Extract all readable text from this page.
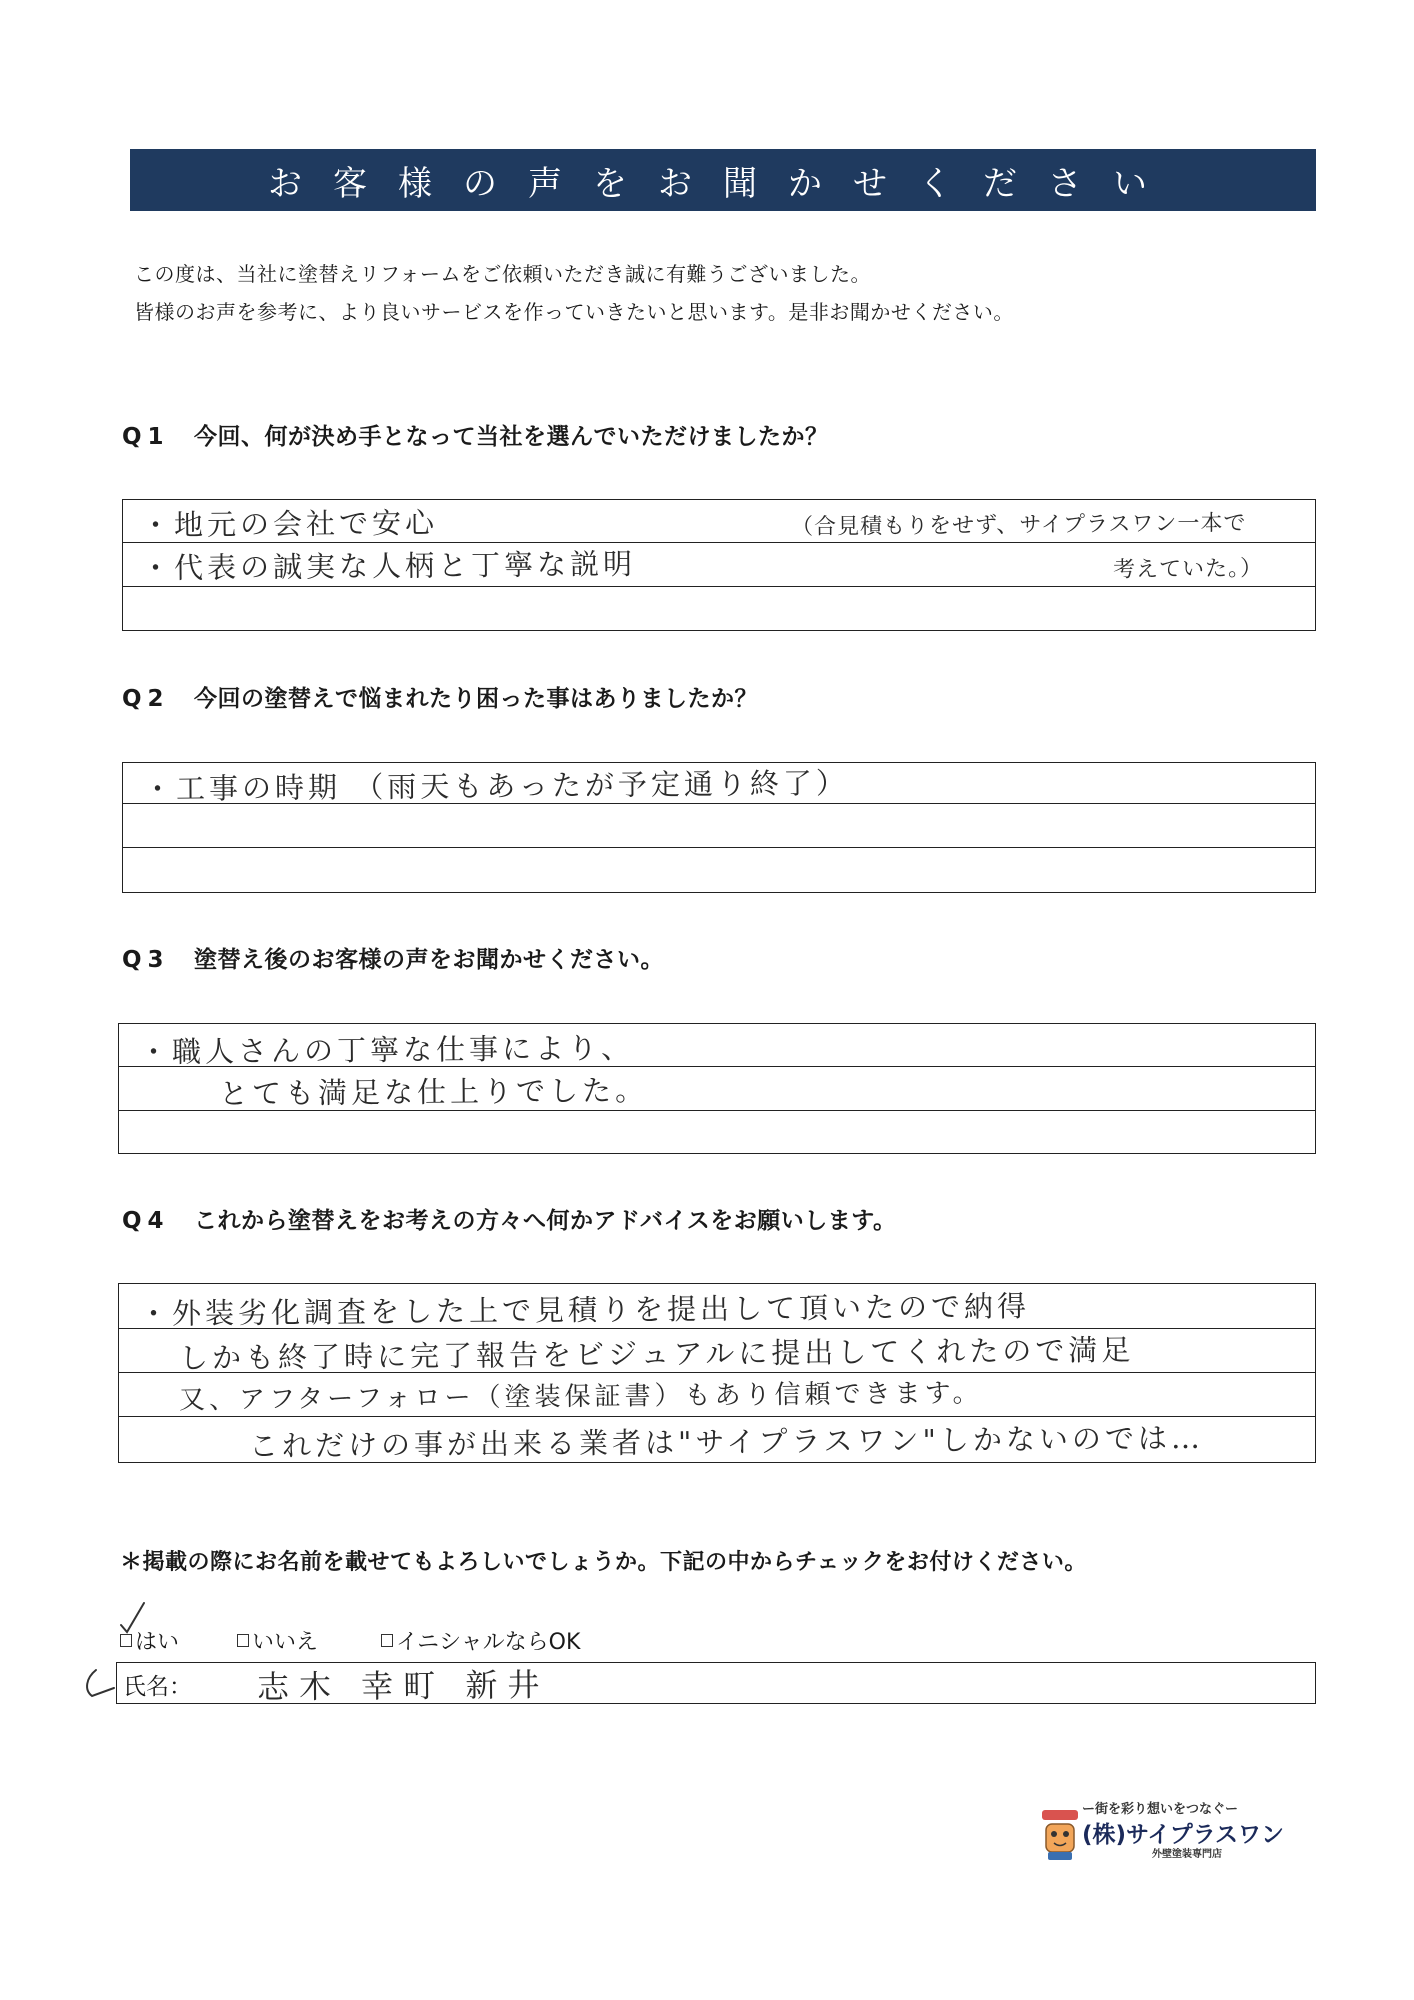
お客様の声をお聞かせください
この度は、当社に塗替えリフォームをご依頼いただき誠に有難うございました。
皆様のお声を参考に、より良いサービスを作っていきたいと思います。是非お聞かせください。
Q1 今回、何が決め手となって当社を選んでいただけましたか？
・地元の会社で安心
・代表の誠実な人柄と丁寧な説明
（合見積もりをせず、サイプラスワン一本で
考えていた。）
Q2 今回の塗替えで悩まれたり困った事はありましたか？
・工事の時期 （雨天もあったが予定通り終了）
Q3 塗替え後のお客様の声をお聞かせください。
・職人さんの丁寧な仕事により、
とても満足な仕上りでした。
Q4 これから塗替えをお考えの方々へ何かアドバイスをお願いします。
・外装劣化調査をした上で見積りを提出して頂いたので納得
しかも終了時に完了報告をビジュアルに提出してくれたので満足
又、アフターフォロー（塗装保証書）もあり信頼できます。
これだけの事が出来る業者は"サイプラスワン"しかないのでは…
＊掲載の際にお名前を載せてもよろしいでしょうか。下記の中からチェックをお付けください。
はい	いいえ	イニシャルならOK
氏名： 志木 幸町 新井
ー街を彩り想いをつなぐー
(株)サイプラスワン
外壁塗装専門店
